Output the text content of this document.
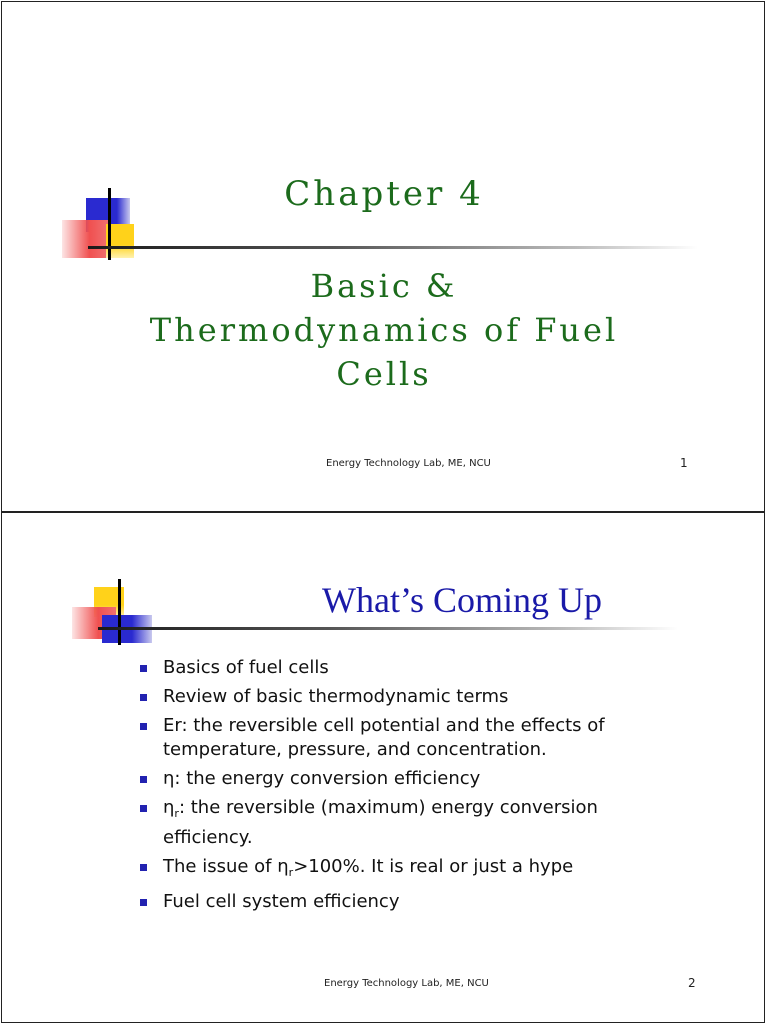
Chapter 4
Basic &
Thermodynamics of Fuel
Cells
Energy Technology Lab, ME, NCU	1
What’s Coming Up
Basics of fuel cells
Review of basic thermodynamic terms
Er: the reversible cell potential and the effects of
temperature, pressure, and concentration.
η: the energy conversion efficiency
$\eta_r$: the reversible (maximum) energy conversion
efficiency.
The issue of $\eta_r>100\%$. It is real or just a hype
Fuel cell system efficiency
Energy Technology Lab, ME, NCU	2
